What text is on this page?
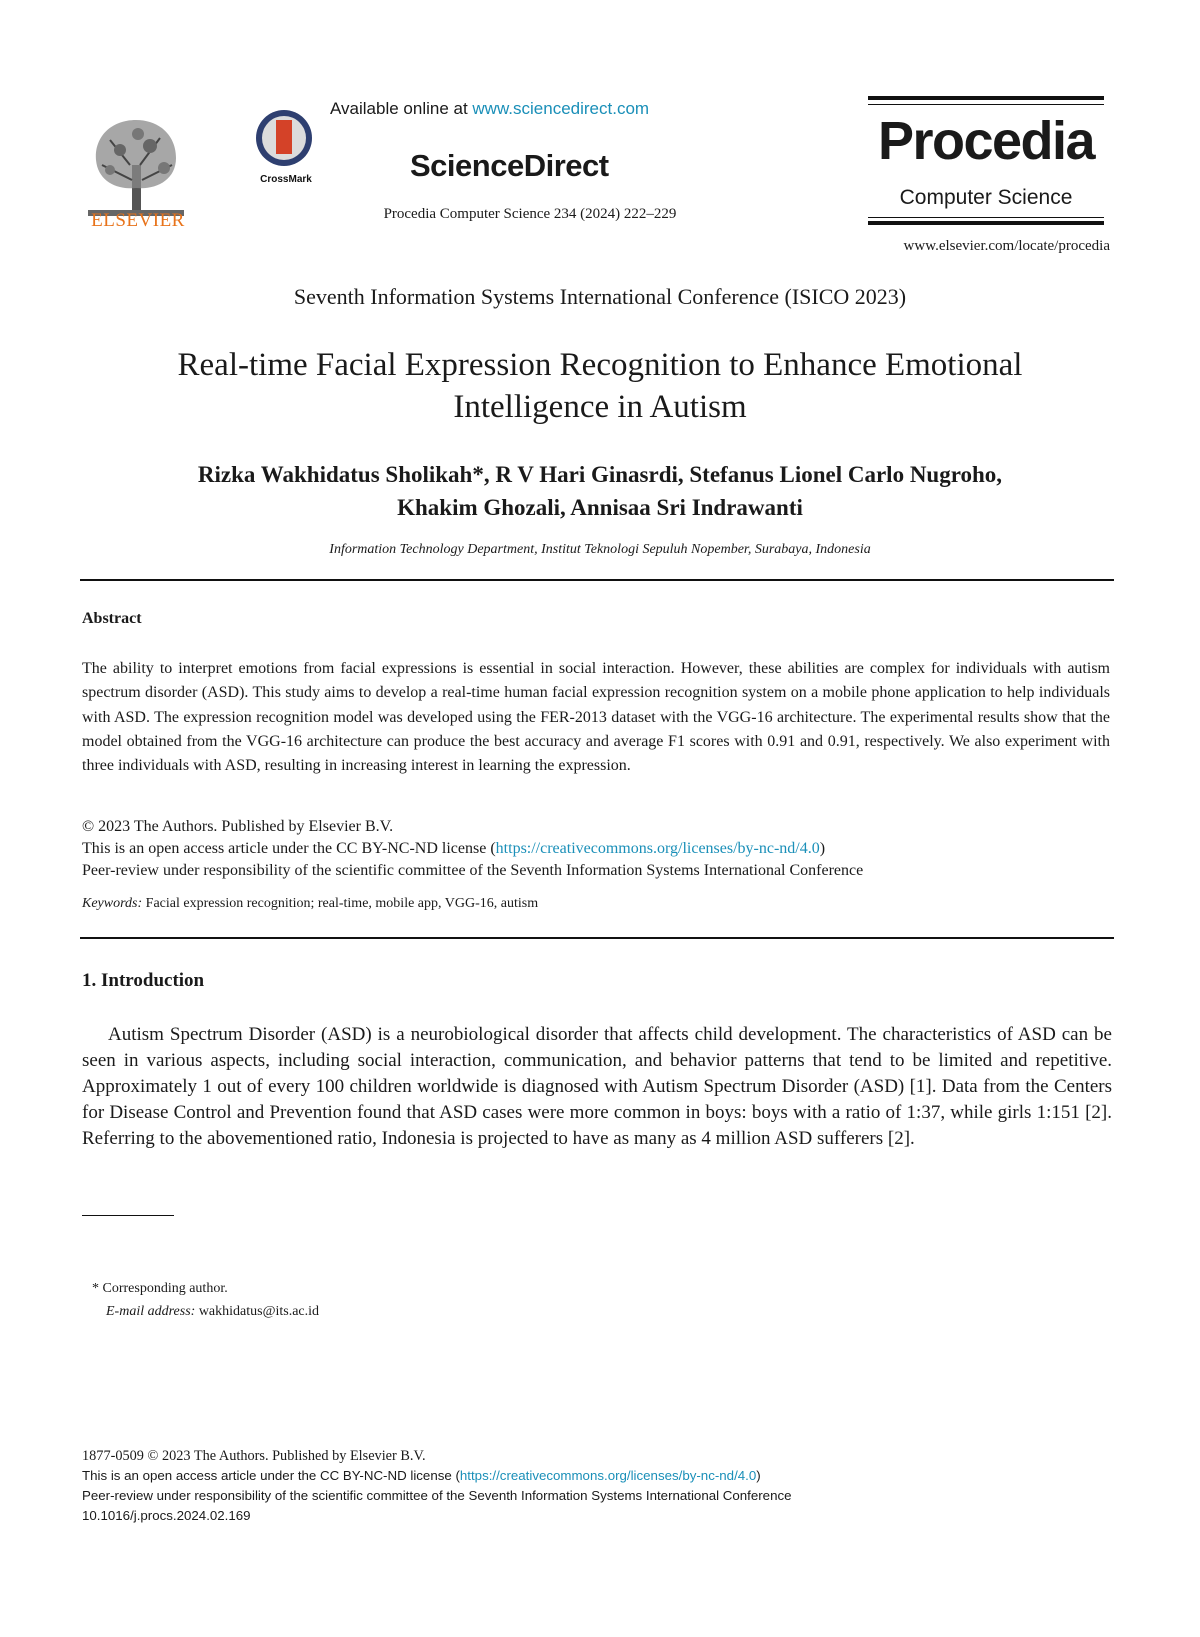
ELSEVIER
CrossMark
Available online at www.sciencedirect.com
ScienceDirect
Procedia Computer Science 234 (2024) 222–229
Procedia
Computer Science
www.elsevier.com/locate/procedia
Seventh Information Systems International Conference (ISICO 2023)
Real-time Facial Expression Recognition to Enhance Emotional
Intelligence in Autism
Rizka Wakhidatus Sholikah*, R V Hari Ginasrdi, Stefanus Lionel Carlo Nugroho,
Khakim Ghozali, Annisaa Sri Indrawanti
Information Technology Department, Institut Teknologi Sepuluh Nopember, Surabaya, Indonesia
Abstract
The ability to interpret emotions from facial expressions is essential in social interaction. However, these abilities are complex for individuals with autism spectrum disorder (ASD). This study aims to develop a real-time human facial expression recognition system on a mobile phone application to help individuals with ASD. The expression recognition model was developed using the FER-2013 dataset with the VGG-16 architecture. The experimental results show that the model obtained from the VGG-16 architecture can produce the best accuracy and average F1 scores with 0.91 and 0.91, respectively. We also experiment with three individuals with ASD, resulting in increasing interest in learning the expression.
© 2023 The Authors. Published by Elsevier B.V.
This is an open access article under the CC BY-NC-ND license (https://creativecommons.org/licenses/by-nc-nd/4.0)
Peer-review under responsibility of the scientific committee of the Seventh Information Systems International Conference
Keywords: Facial expression recognition; real-time, mobile app, VGG-16, autism
1. Introduction

Autism Spectrum Disorder (ASD) is a neurobiological disorder that affects child development. The characteristics of ASD can be seen in various aspects, including social interaction, communication, and behavior patterns that tend to be limited and repetitive. Approximately 1 out of every 100 children worldwide is diagnosed with Autism Spectrum Disorder (ASD) [1]. Data from the Centers for Disease Control and Prevention found that ASD cases were more common in boys: boys with a ratio of 1:37, while girls 1:151 [2]. Referring to the abovementioned ratio, Indonesia is projected to have as many as 4 million ASD sufferers [2].

* Corresponding author.
E-mail address: wakhidatus@its.ac.id
1877-0509 © 2023 The Authors. Published by Elsevier B.V.
This is an open access article under the CC BY-NC-ND license (https://creativecommons.org/licenses/by-nc-nd/4.0)
Peer-review under responsibility of the scientific committee of the Seventh Information Systems International Conference
10.1016/j.procs.2024.02.169
